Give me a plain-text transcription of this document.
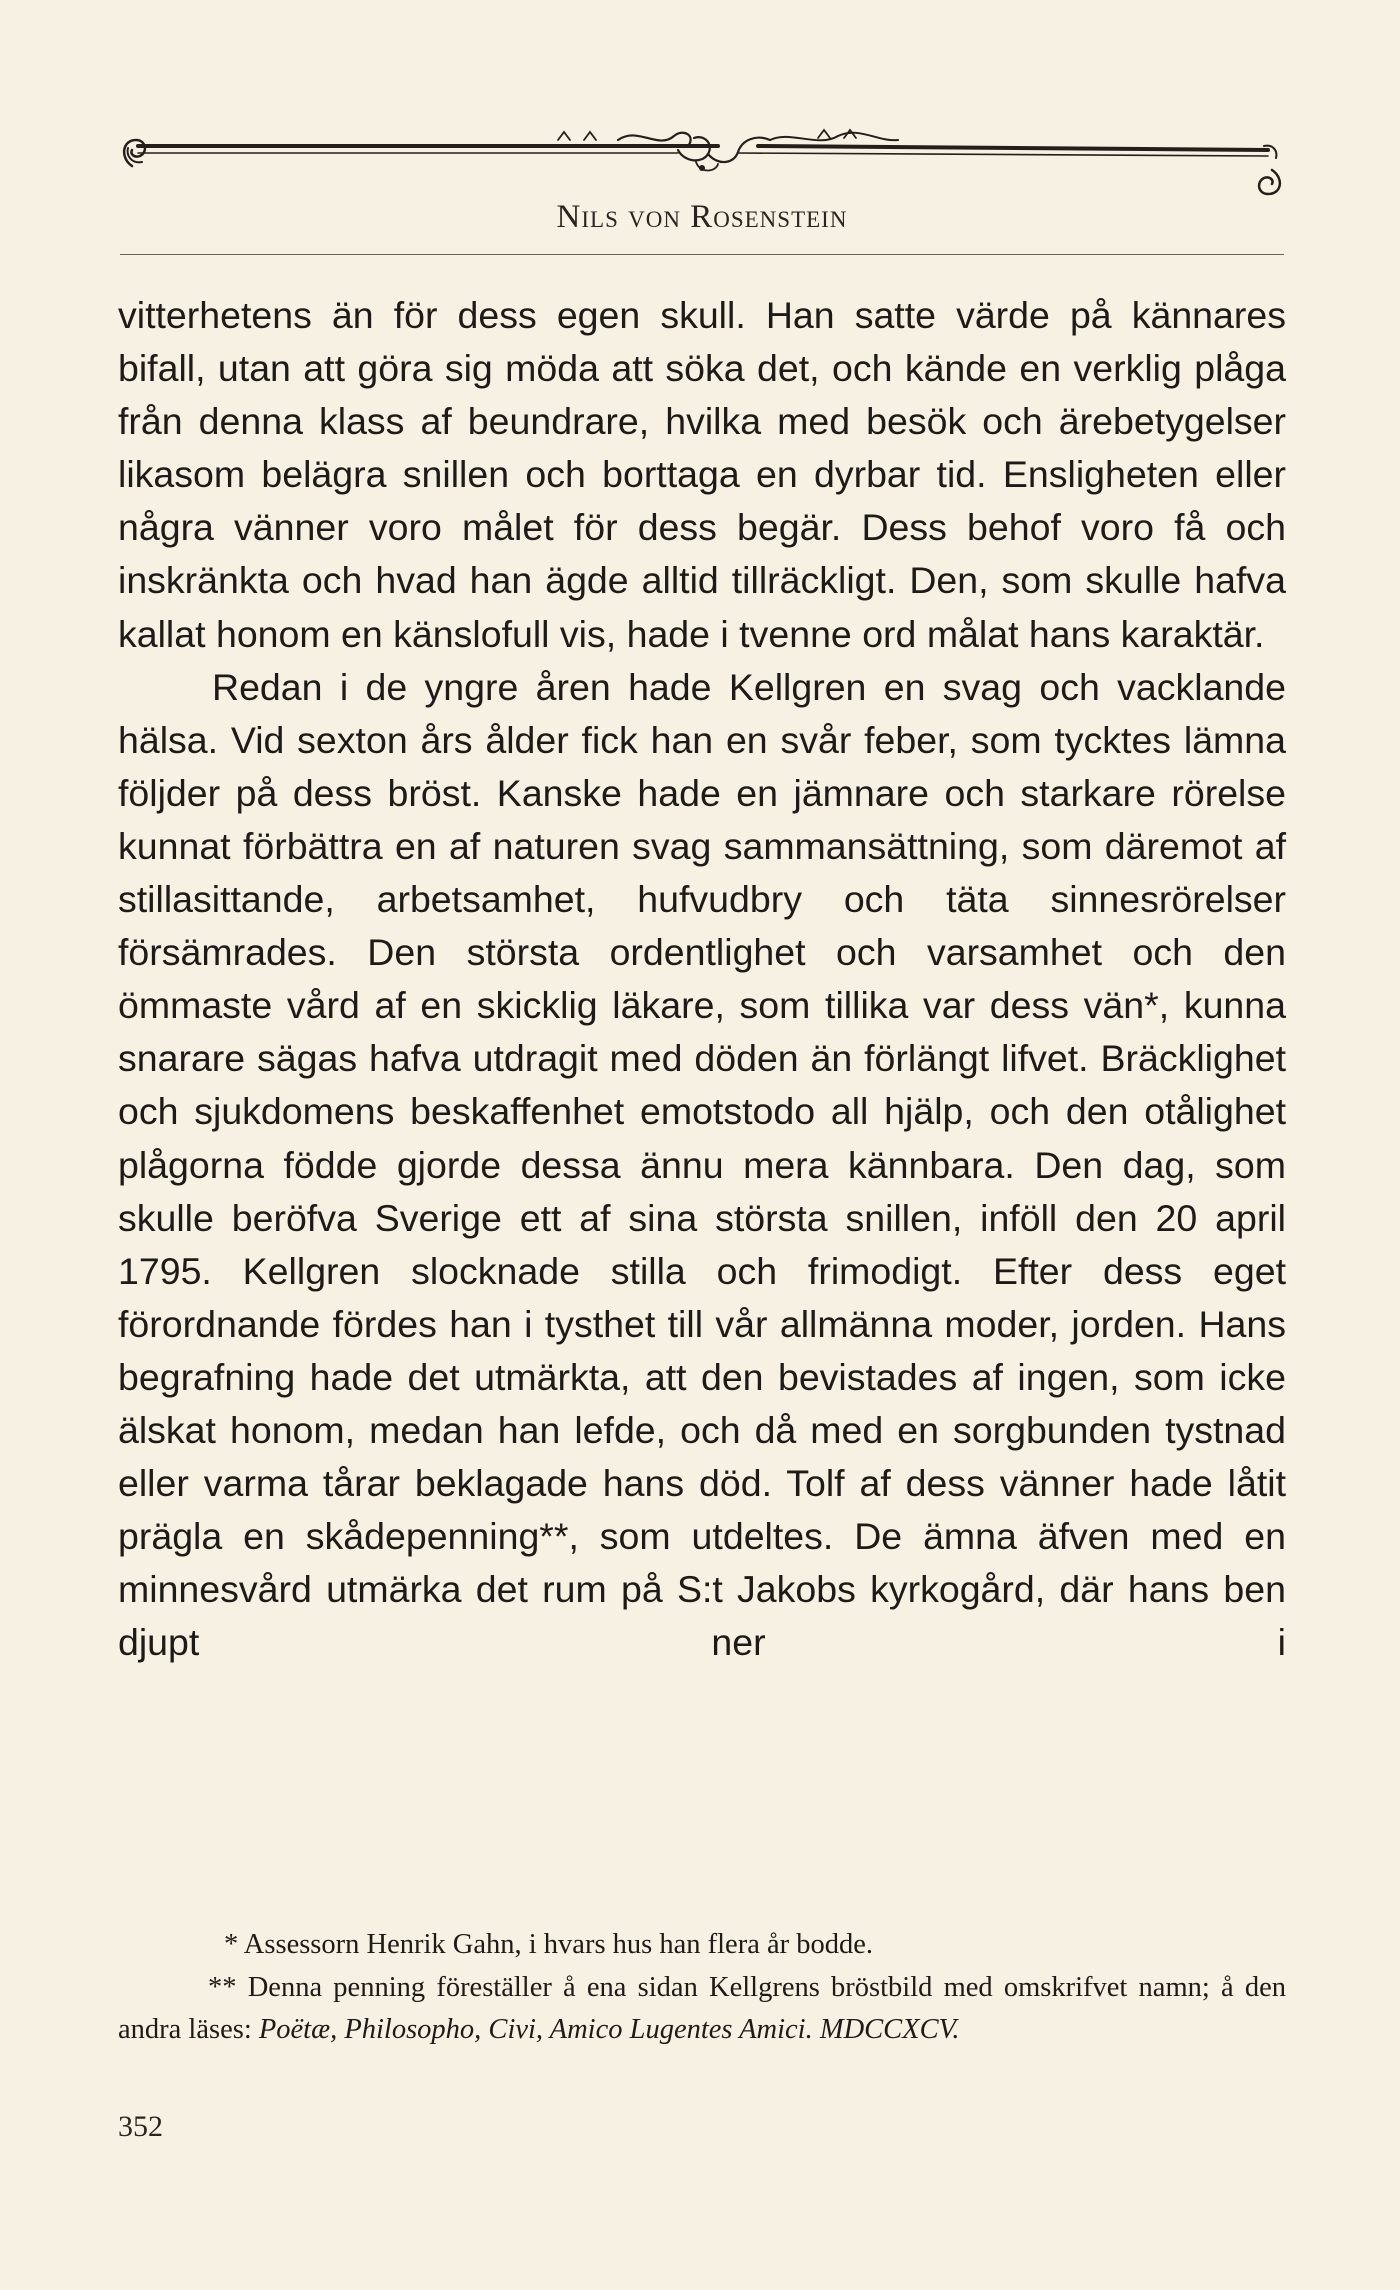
Nils von Rosenstein

vitterhetens än för dess egen skull. Han satte värde på kännares bifall, utan att göra sig möda att söka det, och kände en verklig plåga från denna klass af beundrare, hvilka med besök och ärebetygelser likasom belägra snillen och borttaga en dyrbar tid. Ensligheten eller några vänner voro målet för dess begär. Dess behof voro få och inskränkta och hvad han ägde alltid tillräckligt. Den, som skulle hafva kallat honom en känslofull vis, hade i tvenne ord målat hans karaktär.

Redan i de yngre åren hade Kellgren en svag och vacklande hälsa. Vid sexton års ålder fick han en svår feber, som tycktes lämna följder på dess bröst. Kanske hade en jämnare och starkare rörelse kunnat förbättra en af naturen svag sammansättning, som däremot af stillasittande, arbetsamhet, hufvudbry och täta sinnesrörelser försämrades. Den största ordentlighet och varsamhet och den ömmaste vård af en skicklig läkare, som tillika var dess vän*, kunna snarare sägas hafva utdragit med döden än förlängt lifvet. Bräcklighet och sjukdomens beskaffenhet emotstodo all hjälp, och den otålighet plågorna födde gjorde dessa ännu mera kännbara. Den dag, som skulle beröfva Sverige ett af sina största snillen, inföll den 20 april 1795. Kellgren slocknade stilla och frimodigt. Efter dess eget förordnande fördes han i tysthet till vår allmänna moder, jorden. Hans begrafning hade det utmärkta, att den bevistades af ingen, som icke älskat honom, medan han lefde, och då med en sorgbunden tystnad eller varma tårar beklagade hans död. Tolf af dess vänner hade låtit prägla en skådepenning**, som utdeltes. De ämna äfven med en minnesvård utmärka det rum på S:t Jakobs kyrkogård, där hans ben djupt ner i

* Assessorn Henrik Gahn, i hvars hus han flera år bodde.

** Denna penning föreställer å ena sidan Kellgrens bröstbild med omskrifvet namn; å den andra läses: Poëtæ, Philosopho, Civi, Amico Lugentes Amici. MDCCXCV.

352
